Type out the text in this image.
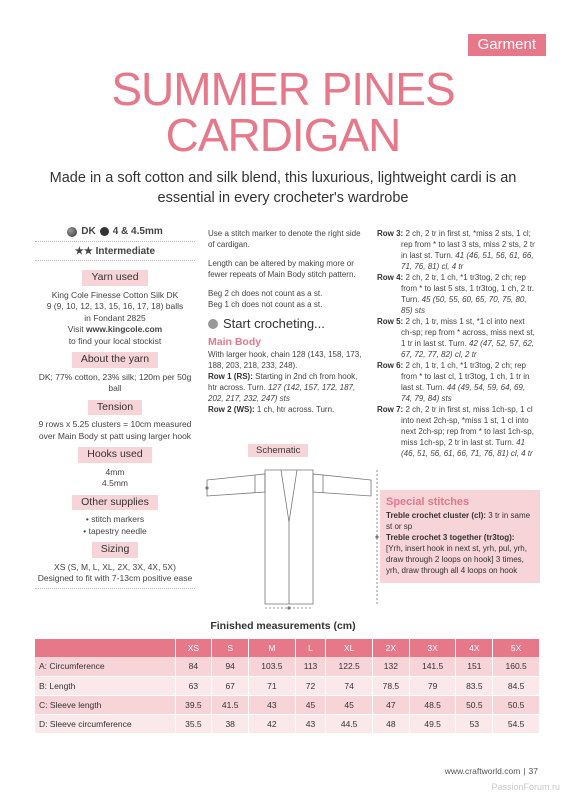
Garment
SUMMER PINES
CARDIGAN
Made in a soft cotton and silk blend, this luxurious, lightweight cardi is an essential in every crocheter's wardrobe
DK 4 & 4.5mm
★★ Intermediate
Yarn used

King Cole Finesse Cotton Silk DK

9 (9, 10, 12, 13, 15, 16, 17, 18) balls

in Fondant 2825

Visit www.kingcole.com

to find your local stockist

About the yarn

DK; 77% cotton, 23% silk; 120m per 50g ball

Tension

9 rows x 5.25 clusters = 10cm measured over Main Body st patt using larger hook

Hooks used

4mm

4.5mm

Other supplies

• stitch markers

• tapestry needle

Sizing

XS (S, M, L, XL, 2X, 3X, 4X, 5X)

Designed to fit with 7-13cm positive ease

Use a stitch marker to denote the right side of cardigan.

Length can be altered by making more or fewer repeats of Main Body stitch pattern.

Beg 2 ch does not count as a st.

Beg 1 ch does not count as a st.

Start crocheting...
Main Body

With larger hook, chain 128 (143, 158, 173, 188, 203, 218, 233, 248).

Row 1 (RS): Starting in 2nd ch from hook, htr across. Turn. 127 (142, 157, 172, 187, 202, 217, 232, 247) sts

Row 2 (WS): 1 ch, htr across. Turn.

Row 3: 2 ch, 2 tr in first st, *miss 2 sts, 1 cl; rep from * to last 3 sts, miss 2 sts, 2 tr in last st. Turn. 41 (46, 51, 56, 61, 66, 71, 76, 81) cl, 4 tr

Row 4: 2 ch, 2 tr, 1 ch, *1 tr3tog, 2 ch; rep from * to last 5 sts, 1 tr3tog, 1 ch, 2 tr. Turn. 45 (50, 55, 60, 65, 70, 75, 80, 85) sts

Row 5: 2 ch, 1 tr, miss 1 st, *1 cl into next ch-sp; rep from * across, miss next st, 1 tr in last st. Turn. 42 (47, 52, 57, 62, 67, 72, 77, 82) cl, 2 tr

Row 6: 2 ch, 1 tr, 1 ch, *1 tr3tog, 2 ch; rep from * to last cl, 1 tr3tog, 1 ch, 1 tr in last st. Turn. 44 (49, 54, 59, 64, 69, 74, 79, 84) sts

Row 7: 2 ch, 2 tr in first st, miss 1ch-sp, 1 cl into next 2ch-sp, *miss 1 st, 1 cl into next 2ch-sp; rep from * to last 1ch-sp, miss 1ch-sp, 2 tr in last st. Turn. 41 (46, 51, 56, 61, 66, 71, 76, 81) cl, 4 tr

Schematic
Special stitches

Treble crochet cluster (cl): 3 tr in same st or sp

Treble crochet 3 together (tr3tog):
[Yrh, insert hook in next st, yrh, pul, yrh, draw through 2 loops on hook] 3 times, yrh, draw through all 4 loops on hook

Finished measurements (cm)
	XS	S	M	L	XL	2X	3X	4X	5X
A: Circumference	84	94	103.5	113	122.5	132	141.5	151	160.5
B: Length	63	67	71	72	74	78.5	79	83.5	84.5
C: Sleeve length	39.5	41.5	43	45	45	47	48.5	50.5	50.5
D: Sleeve circumference	35.5	38	42	43	44.5	48	49.5	53	54.5
www.craftworld.com | 37
PassionForum.ru
